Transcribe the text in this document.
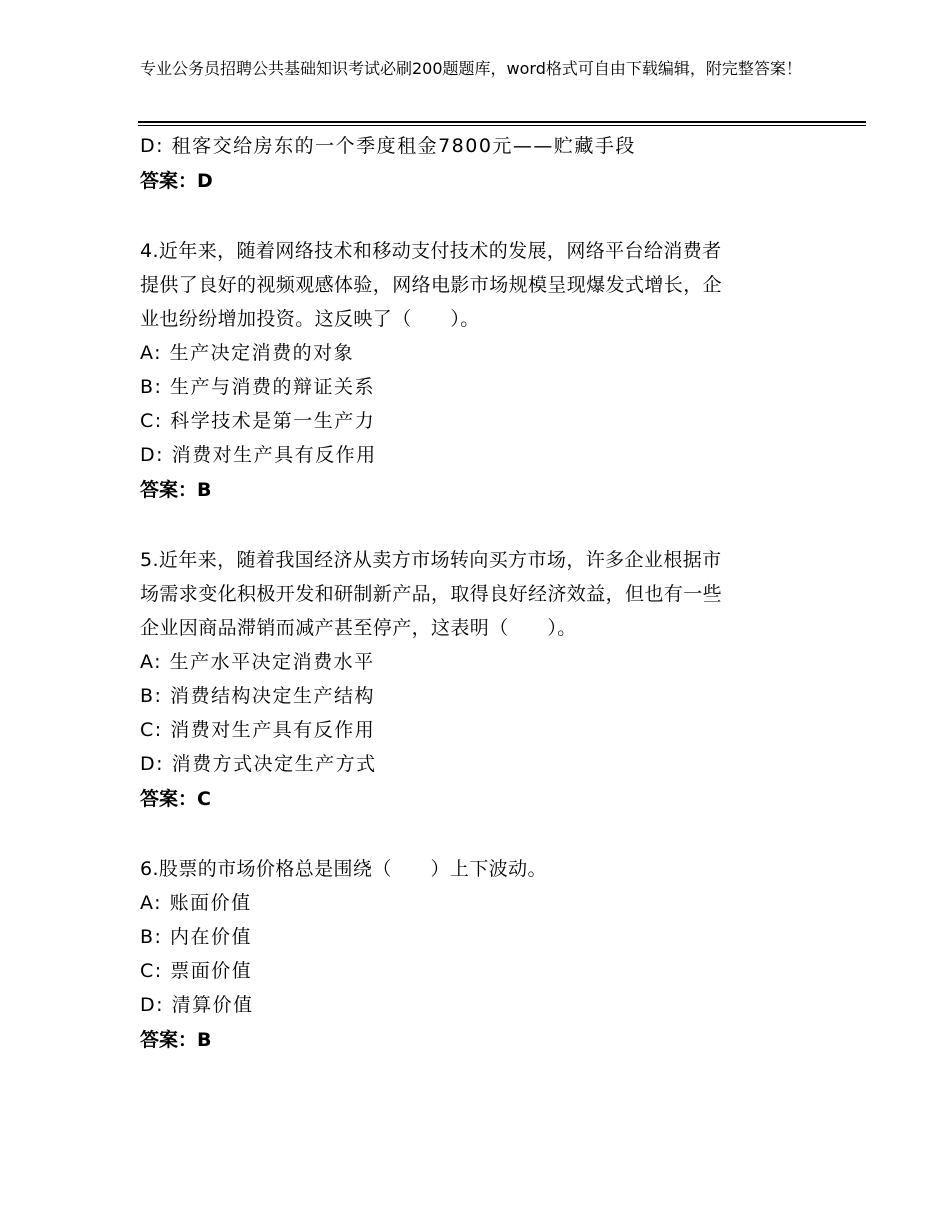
专业公务员招聘公共基础知识考试必刷200题题库，word格式可自由下载编辑，附完整答案！
D: 租客交给房东的一个季度租金7800元——贮藏手段
答案：D
4.近年来，随着网络技术和移动支付技术的发展，网络平台给消费者
提供了良好的视频观感体验，网络电影市场规模呈现爆发式增长，企
业也纷纷增加投资。这反映了（　　）。
A: 生产决定消费的对象
B: 生产与消费的辩证关系
C: 科学技术是第一生产力
D: 消费对生产具有反作用
答案：B
5.近年来，随着我国经济从卖方市场转向买方市场，许多企业根据市
场需求变化积极开发和研制新产品，取得良好经济效益，但也有一些
企业因商品滞销而减产甚至停产，这表明（　　）。
A: 生产水平决定消费水平
B: 消费结构决定生产结构
C: 消费对生产具有反作用
D: 消费方式决定生产方式
答案：C
6.股票的市场价格总是围绕（　　）上下波动。
A: 账面价值
B: 内在价值
C: 票面价值
D: 清算价值
答案：B
